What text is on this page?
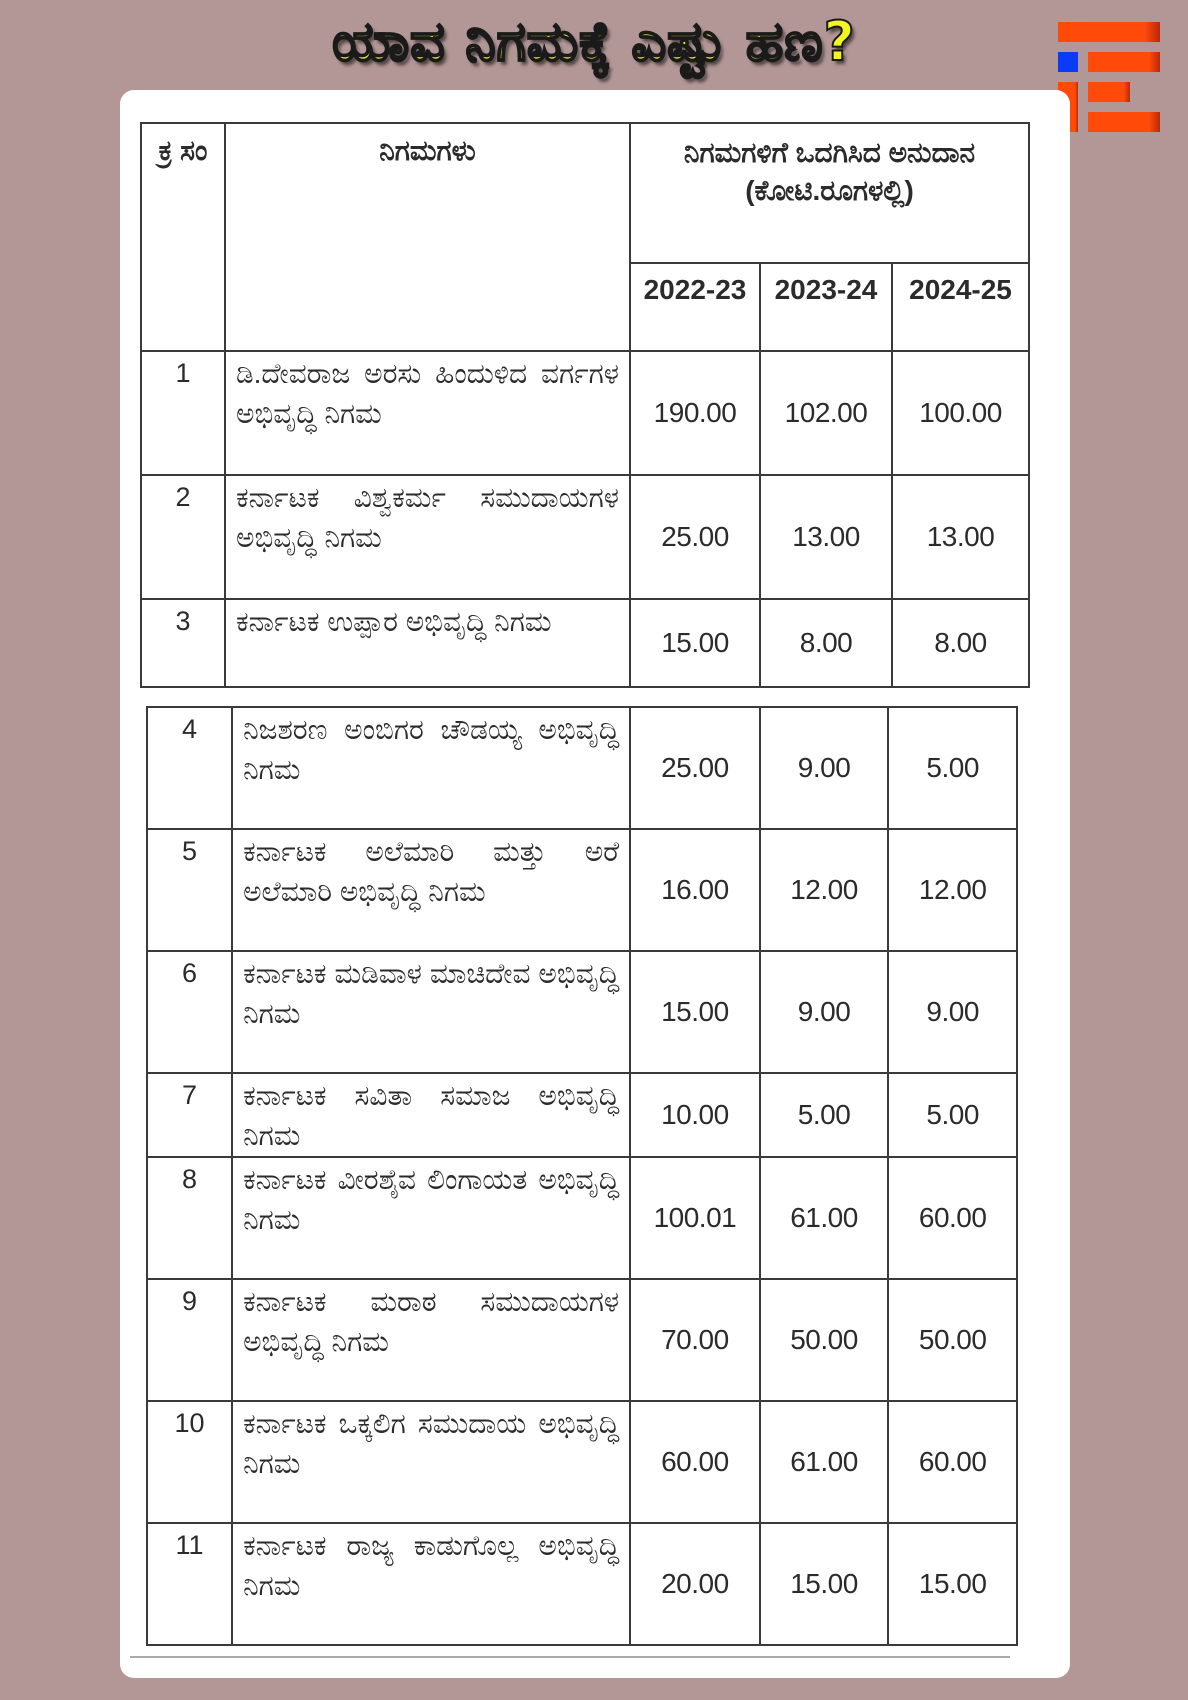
ಯಾವ ನಿಗಮಕ್ಕೆ ಎಷ್ಟು ಹಣ?
ಕ್ರ ಸಂ	ನಿಗಮಗಳು	ನಿಗಮಗಳಿಗೆ ಒದಗಿಸಿದ ಅನುದಾನ (ಕೋಟಿ.ರೂಗಳಲ್ಲಿ)		
		2022-23	2023-24	2024-25
1	ಡಿ.ದೇವರಾಜ ಅರಸು ಹಿಂದುಳಿದ ವರ್ಗಗಳ ಅಭಿವೃದ್ಧಿ ನಿಗಮ	190.00	102.00	100.00
2	ಕರ್ನಾಟಕ ವಿಶ್ವಕರ್ಮ ಸಮುದಾಯಗಳ ಅಭಿವೃದ್ಧಿ ನಿಗಮ	25.00	13.00	13.00
3	ಕರ್ನಾಟಕ ಉಪ್ಪಾರ ಅಭಿವೃದ್ಧಿ ನಿಗಮ	15.00	8.00	8.00
4	ನಿಜಶರಣ ಅಂಬಿಗರ ಚೌಡಯ್ಯ ಅಭಿವೃದ್ಧಿ ನಿಗಮ	25.00	9.00	5.00
5	ಕರ್ನಾಟಕ ಅಲೆಮಾರಿ ಮತ್ತು ಅರೆ ಅಲೆಮಾರಿ ಅಭಿವೃದ್ಧಿ ನಿಗಮ	16.00	12.00	12.00
6	ಕರ್ನಾಟಕ ಮಡಿವಾಳ ಮಾಚಿದೇವ ಅಭಿವೃದ್ಧಿ ನಿಗಮ	15.00	9.00	9.00
7	ಕರ್ನಾಟಕ ಸವಿತಾ ಸಮಾಜ ಅಭಿವೃದ್ಧಿ ನಿಗಮ	10.00	5.00	5.00
8	ಕರ್ನಾಟಕ ವೀರಶೈವ ಲಿಂಗಾಯತ ಅಭಿವೃದ್ಧಿ ನಿಗಮ	100.01	61.00	60.00
9	ಕರ್ನಾಟಕ ಮರಾಠ ಸಮುದಾಯಗಳ ಅಭಿವೃದ್ಧಿ ನಿಗಮ	70.00	50.00	50.00
10	ಕರ್ನಾಟಕ ಒಕ್ಕಲಿಗ ಸಮುದಾಯ ಅಭಿವೃದ್ಧಿ ನಿಗಮ	60.00	61.00	60.00
11	ಕರ್ನಾಟಕ ರಾಜ್ಯ ಕಾಡುಗೊಲ್ಲ ಅಭಿವೃದ್ಧಿ ನಿಗಮ	20.00	15.00	15.00
